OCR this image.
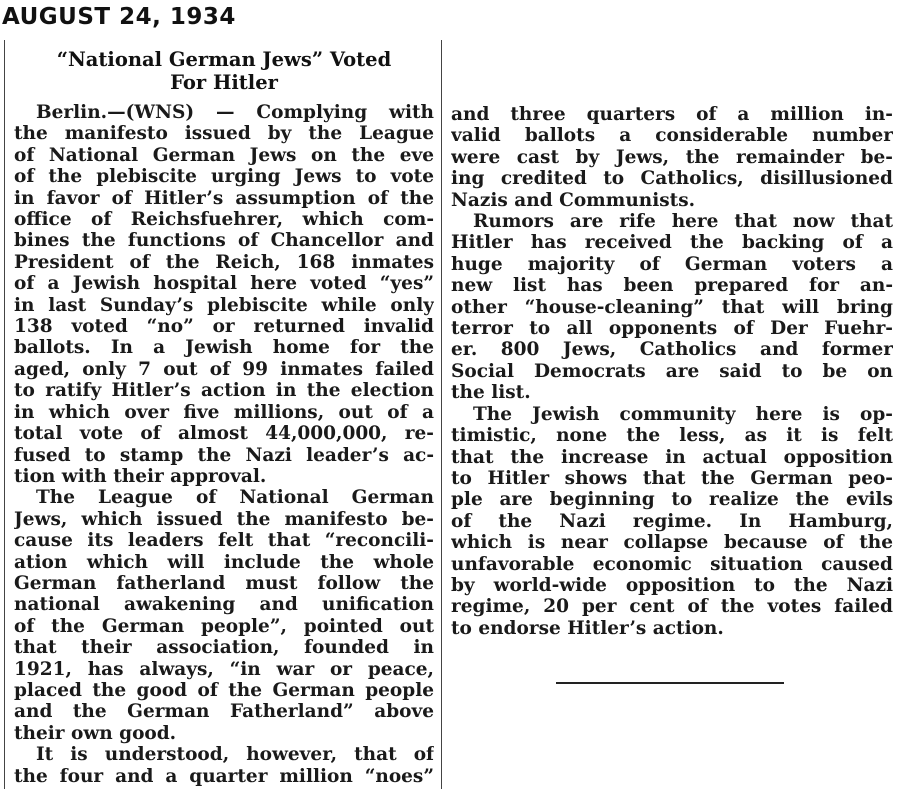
AUGUST 24, 1934
“National German Jews” Voted
For Hitler
Berlin.—(WNS) — Complying with
the manifesto issued by the League
of National German Jews on the eve
of the plebiscite urging Jews to vote
in favor of Hitler’s assumption of the
office of Reichsfuehrer, which com-
bines the functions of Chancellor and
President of the Reich, 168 inmates
of a Jewish hospital here voted “yes”
in last Sunday’s plebiscite while only
138 voted “no” or returned invalid
ballots. In a Jewish home for the
aged, only 7 out of 99 inmates failed
to ratify Hitler’s action in the election
in which over five millions, out of a
total vote of almost 44,000,000, re-
fused to stamp the Nazi leader’s ac-
tion with their approval.
The League of National German
Jews, which issued the manifesto be-
cause its leaders felt that “reconcili-
ation which will include the whole
German fatherland must follow the
national awakening and unification
of the German people”, pointed out
that their association, founded in
1921, has always, “in war or peace,
placed the good of the German people
and the German Fatherland” above
their own good.
It is understood, however, that of
the four and a quarter million “noes”
and three quarters of a million in-
valid ballots a considerable number
were cast by Jews, the remainder be-
ing credited to Catholics, disillusioned
Nazis and Communists.
Rumors are rife here that now that
Hitler has received the backing of a
huge majority of German voters a
new list has been prepared for an-
other “house-cleaning” that will bring
terror to all opponents of Der Fuehr-
er. 800 Jews, Catholics and former
Social Democrats are said to be on
the list.
The Jewish community here is op-
timistic, none the less, as it is felt
that the increase in actual opposition
to Hitler shows that the German peo-
ple are beginning to realize the evils
of the Nazi regime. In Hamburg,
which is near collapse because of the
unfavorable economic situation caused
by world-wide opposition to the Nazi
regime, 20 per cent of the votes failed
to endorse Hitler’s action.
